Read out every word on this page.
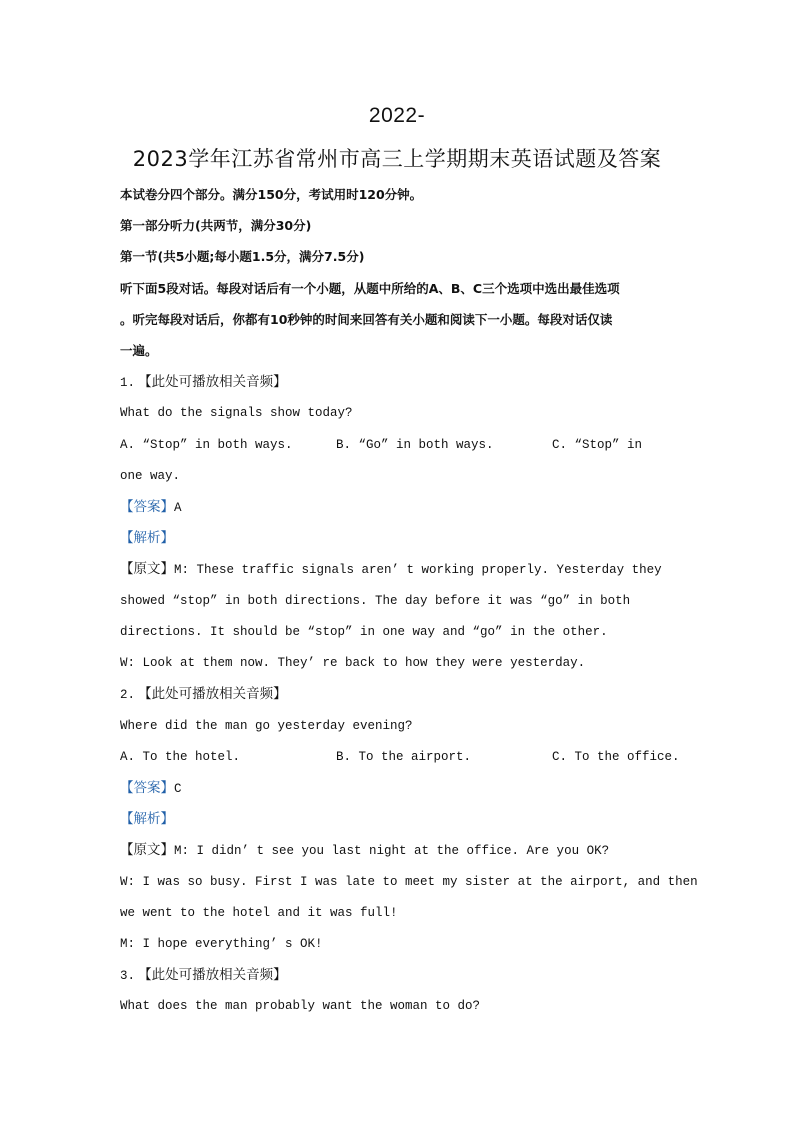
2022-
2023学年江苏省常州市高三上学期期末英语试题及答案
本试卷分四个部分。满分150分，考试用时120分钟。
第一部分听力(共两节，满分30分)
第一节(共5小题;每小题1.5分，满分7.5分)
听下面5段对话。每段对话后有一个小题，从题中所给的A、B、C三个选项中选出最佳选项
。听完每段对话后，你都有10秒钟的时间来回答有关小题和阅读下一小题。每段对话仅读
一遍。
1. 【此处可播放相关音频】
What do the signals show today?
A. “Stop” in both ways.	B. “Go” in both ways.	C. “Stop” in
one way.
【答案】A
【解析】
【原文】M: These traffic signals aren’ t working properly. Yesterday they
showed “stop” in both directions. The day before it was “go” in both
directions. It should be “stop” in one way and “go” in the other.
W: Look at them now. They’ re back to how they were yesterday.
2. 【此处可播放相关音频】
Where did the man go yesterday evening?
A. To the hotel.	B. To the airport.	C. To the office.
【答案】C
【解析】
【原文】M: I didn’ t see you last night at the office. Are you OK?
W: I was so busy. First I was late to meet my sister at the airport, and then
we went to the hotel and it was full!
M: I hope everything’ s OK!
3. 【此处可播放相关音频】
What does the man probably want the woman to do?
